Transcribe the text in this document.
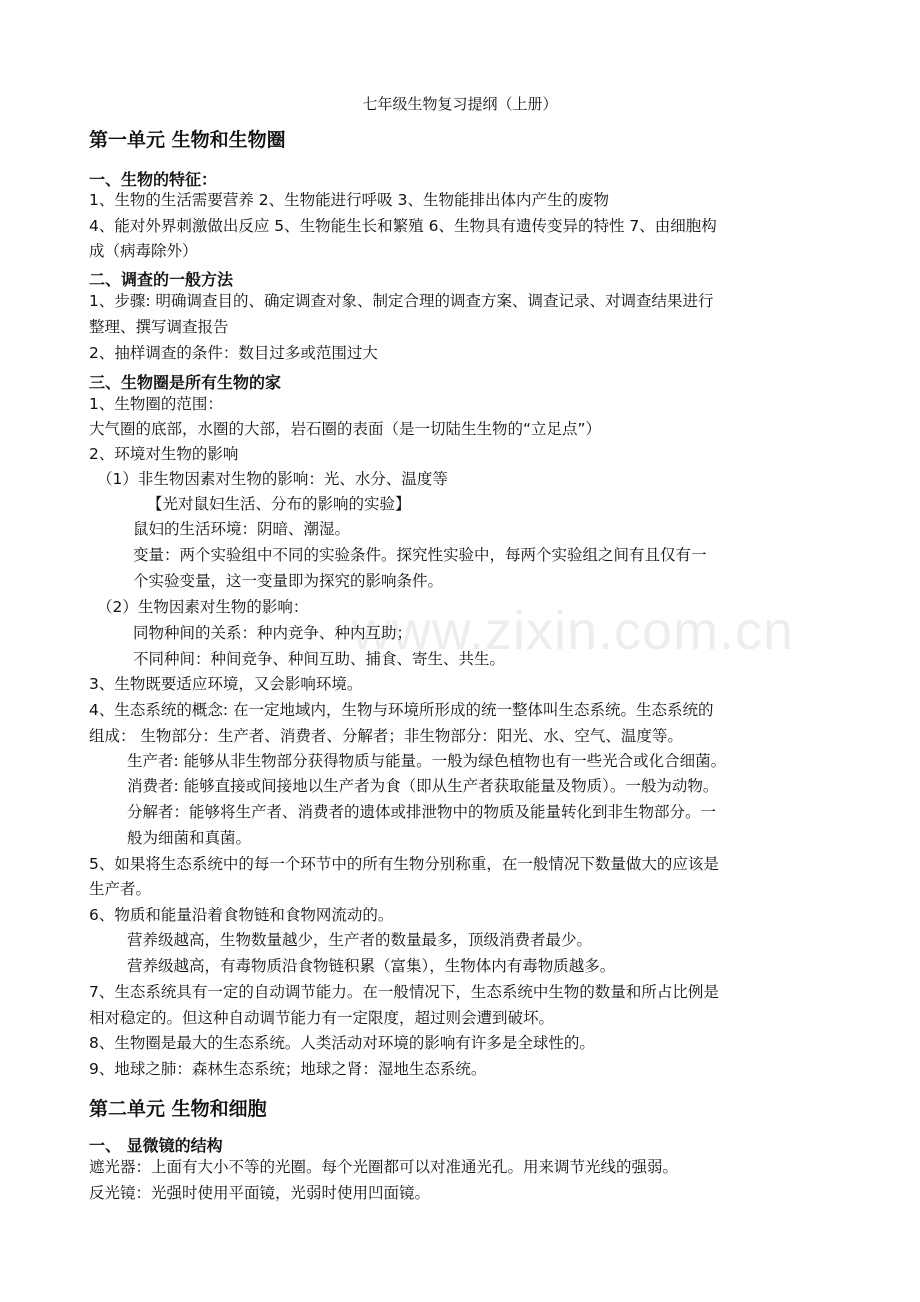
www.zixin.com.cn
七年级生物复习提纲（上册）
第一单元 生物和生物圈
一、生物的特征：
1、生物的生活需要营养 2、生物能进行呼吸 3、生物能排出体内产生的废物
4、能对外界刺激做出反应 5、生物能生长和繁殖 6、生物具有遗传变异的特性 7、由细胞构
成（病毒除外）
二、调查的一般方法
1、步骤: 明确调查目的、确定调查对象、制定合理的调查方案、调查记录、对调查结果进行
整理、撰写调查报告
2、抽样调查的条件：数目过多或范围过大
三、生物圈是所有生物的家
1、生物圈的范围：
大气圈的底部，水圈的大部，岩石圈的表面（是一切陆生生物的“立足点”）
2、环境对生物的影响
（1）非生物因素对生物的影响：光、水分、温度等
【光对鼠妇生活、分布的影响的实验】
鼠妇的生活环境：阴暗、潮湿。
变量：两个实验组中不同的实验条件。探究性实验中，每两个实验组之间有且仅有一
个实验变量，这一变量即为探究的影响条件。
（2）生物因素对生物的影响：
同物种间的关系：种内竞争、种内互助；
不同种间：种间竞争、种间互助、捕食、寄生、共生。
3、生物既要适应环境，又会影响环境。
4、生态系统的概念: 在一定地域内，生物与环境所形成的统一整体叫生态系统。生态系统的
组成： 生物部分：生产者、消费者、分解者；非生物部分：阳光、水、空气、温度等。
生产者: 能够从非生物部分获得物质与能量。一般为绿色植物也有一些光合或化合细菌。
消费者: 能够直接或间接地以生产者为食（即从生产者获取能量及物质）。一般为动物。
分解者：能够将生产者、消费者的遗体或排泄物中的物质及能量转化到非生物部分。一
般为细菌和真菌。
5、如果将生态系统中的每一个环节中的所有生物分别称重，在一般情况下数量做大的应该是
生产者。
6、物质和能量沿着食物链和食物网流动的。
营养级越高，生物数量越少，生产者的数量最多，顶级消费者最少。
营养级越高，有毒物质沿食物链积累（富集），生物体内有毒物质越多。
7、生态系统具有一定的自动调节能力。在一般情况下，生态系统中生物的数量和所占比例是
相对稳定的。但这种自动调节能力有一定限度，超过则会遭到破坏。
8、生物圈是最大的生态系统。人类活动对环境的影响有许多是全球性的。
9、地球之肺：森林生态系统；地球之肾：湿地生态系统。
第二单元 生物和细胞
一、 显微镜的结构
遮光器：上面有大小不等的光圈。每个光圈都可以对准通光孔。用来调节光线的强弱。
反光镜：光强时使用平面镜，光弱时使用凹面镜。
